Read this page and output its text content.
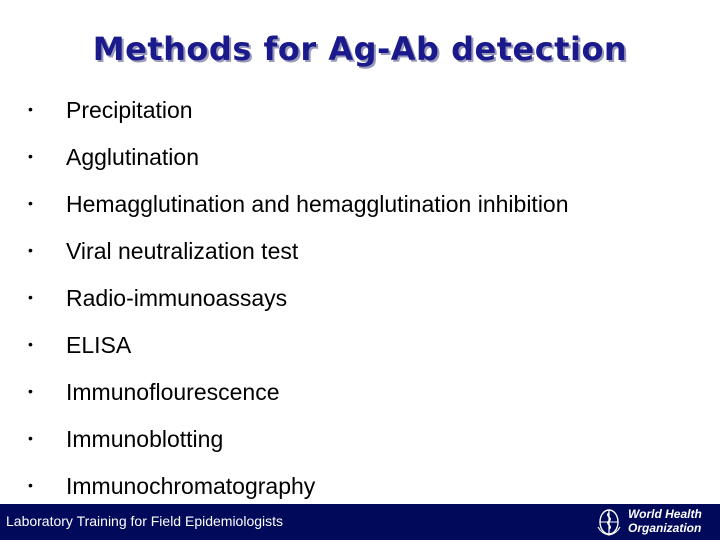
Methods for Ag-Ab detection
• Precipitation
• Agglutination
• Hemagglutination and hemagglutination inhibition
• Viral neutralization test
• Radio-immunoassays
• ELISA
• Immunoflourescence
• Immunoblotting
• Immunochromatography
Laboratory Training for Field Epidemiologists	World Health
Organization
